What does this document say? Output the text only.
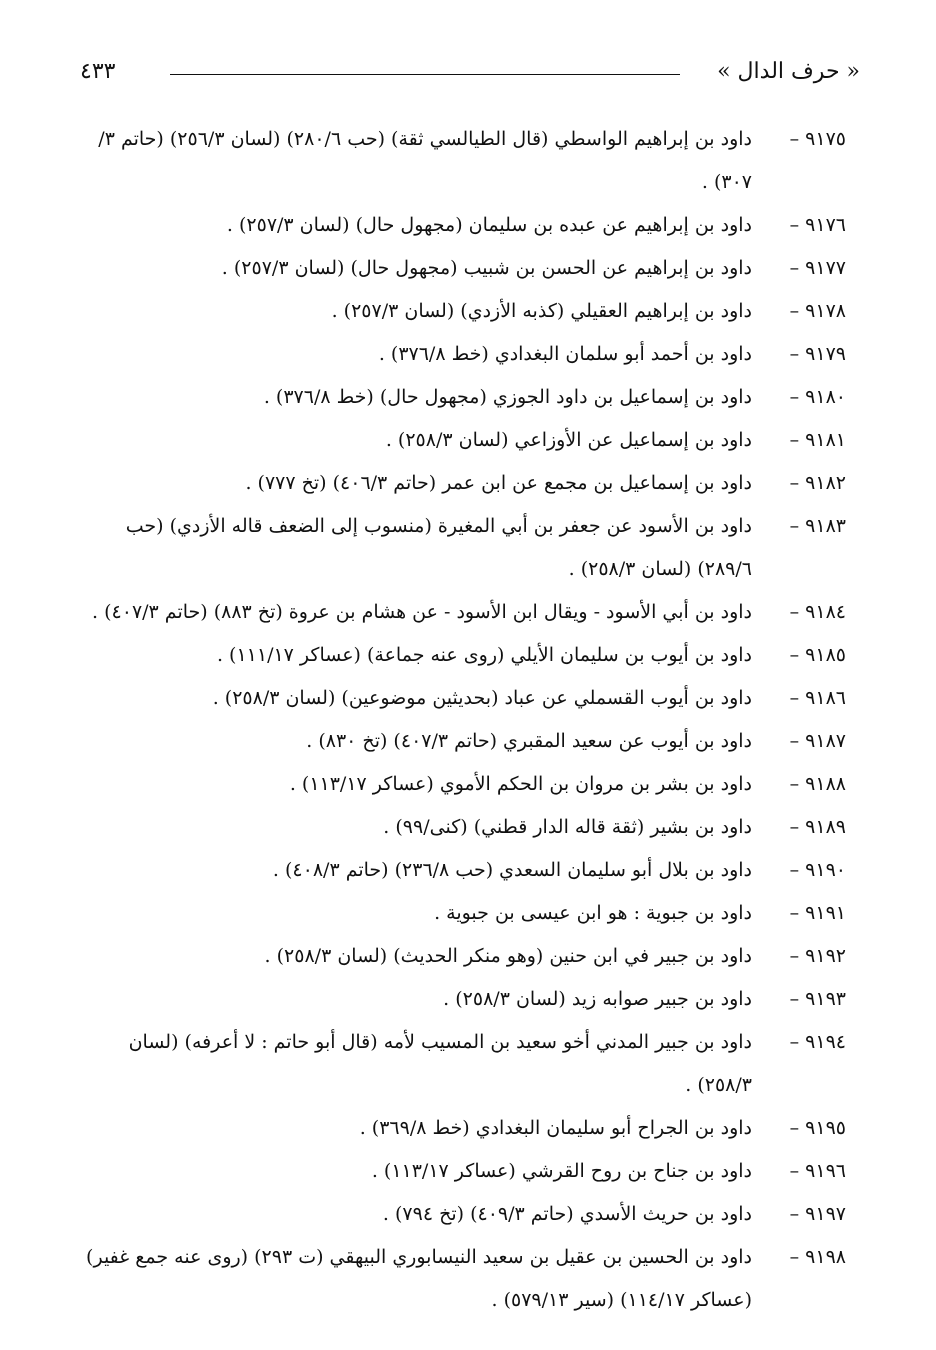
« حرف الدال »
٤٣٣
٩١٧٥ –داود بن إبراهيم الواسطي (قال الطيالسي ثقة) (حب ٢٨٠/٦) (لسان ٢٥٦/٣) (حاتم ٣/ ٣٠٧) .
٩١٧٦ –داود بن إبراهيم عن عبده بن سليمان (مجهول حال) (لسان ٢٥٧/٣) .
٩١٧٧ –داود بن إبراهيم عن الحسن بن شبيب (مجهول حال) (لسان ٢٥٧/٣) .
٩١٧٨ –داود بن إبراهيم العقيلي (كذبه الأزدي) (لسان ٢٥٧/٣) .
٩١٧٩ –داود بن أحمد أبو سلمان البغدادي (خط ٣٧٦/٨) .
٩١٨٠ –داود بن إسماعيل بن داود الجوزي (مجهول حال) (خط ٣٧٦/٨) .
٩١٨١ –داود بن إسماعيل عن الأوزاعي (لسان ٢٥٨/٣) .
٩١٨٢ –داود بن إسماعيل بن مجمع عن ابن عمر (حاتم ٤٠٦/٣) (تخ ٧٧٧) .
٩١٨٣ –داود بن الأسود عن جعفر بن أبي المغيرة (منسوب إلى الضعف قاله الأزدي) (حب ٢٨٩/٦) (لسان ٢٥٨/٣) .
٩١٨٤ –داود بن أبي الأسود - ويقال ابن الأسود - عن هشام بن عروة (تخ ٨٨٣) (حاتم ٤٠٧/٣) .
٩١٨٥ –داود بن أيوب بن سليمان الأيلي (روى عنه جماعة) (عساكر ١١١/١٧) .
٩١٨٦ –داود بن أيوب القسملي عن عباد (بحديثين موضوعين) (لسان ٢٥٨/٣) .
٩١٨٧ –داود بن أيوب عن سعيد المقبري (حاتم ٤٠٧/٣) (تخ ٨٣٠) .
٩١٨٨ –داود بن بشر بن مروان بن الحكم الأموي (عساكر ١١٣/١٧) .
٩١٨٩ –داود بن بشير (ثقة قاله الدار قطني) (كنى/٩٩) .
٩١٩٠ –داود بن بلال أبو سليمان السعدي (حب ٢٣٦/٨) (حاتم ٤٠٨/٣) .
٩١٩١ –داود بن جبوية : هو ابن عيسى بن جبوية .
٩١٩٢ –داود بن جبير في ابن حنين (وهو منكر الحديث) (لسان ٢٥٨/٣) .
٩١٩٣ –داود بن جبير صوابه زيد (لسان ٢٥٨/٣) .
٩١٩٤ –داود بن جبير المدني أخو سعيد بن المسيب لأمه (قال أبو حاتم : لا أعرفه) (لسان ٢٥٨/٣) .
٩١٩٥ –داود بن الجراح أبو سليمان البغدادي (خط ٣٦٩/٨) .
٩١٩٦ –داود بن جناح بن روح القرشي (عساكر ١١٣/١٧) .
٩١٩٧ –داود بن حريث الأسدي (حاتم ٤٠٩/٣) (تخ ٧٩٤) .
٩١٩٨ –داود بن الحسين بن عقيل بن سعيد النيسابوري البيهقي (ت ٢٩٣) (روى عنه جمع غفير) (عساكر ١١٤/١٧) (سير ٥٧٩/١٣) .
